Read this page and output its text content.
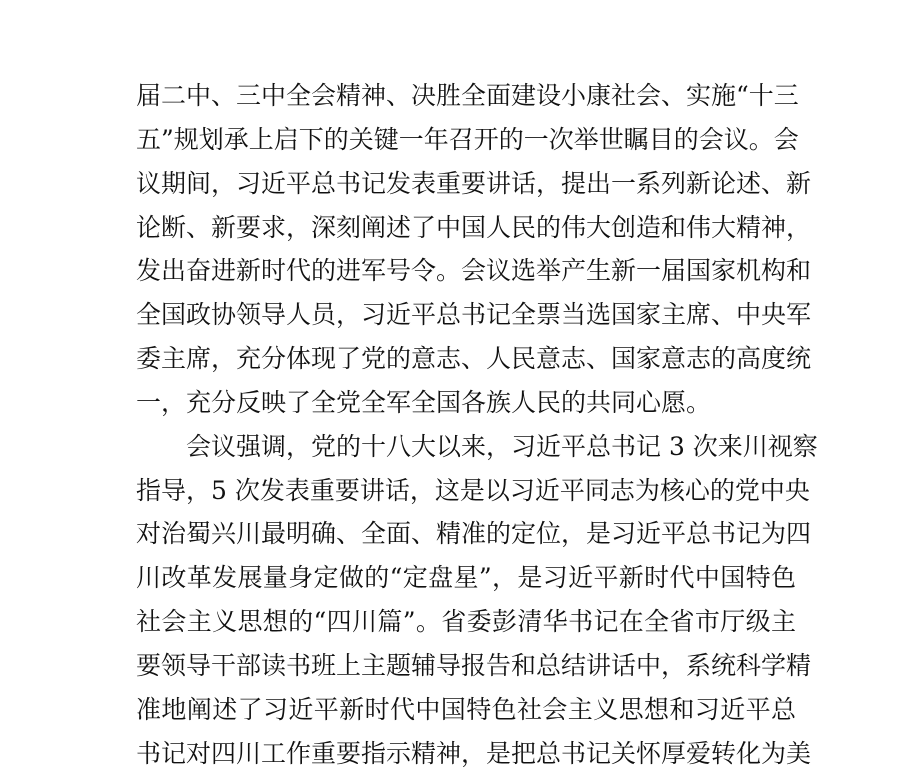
届二中、三中全会精神、决胜全面建设小康社会、实施“十三
五”规划承上启下的关键一年召开的一次举世瞩目的会议。会
议期间，习近平总书记发表重要讲话，提出一系列新论述、新
论断、新要求，深刻阐述了中国人民的伟大创造和伟大精神，
发出奋进新时代的进军号令。会议选举产生新一届国家机构和
全国政协领导人员，习近平总书记全票当选国家主席、中央军
委主席，充分体现了党的意志、人民意志、国家意志的高度统
一，充分反映了全党全军全国各族人民的共同心愿。
会议强调，党的十八大以来，习近平总书记 3 次来川视察
指导，5 次发表重要讲话，这是以习近平同志为核心的党中央
对治蜀兴川最明确、全面、精准的定位，是习近平总书记为四
川改革发展量身定做的“定盘星”，是习近平新时代中国特色
社会主义思想的“四川篇”。省委彭清华书记在全省市厅级主
要领导干部读书班上主题辅导报告和总结讲话中，系统科学精
准地阐述了习近平新时代中国特色社会主义思想和习近平总
书记对四川工作重要指示精神，是把总书记关怀厚爱转化为美
